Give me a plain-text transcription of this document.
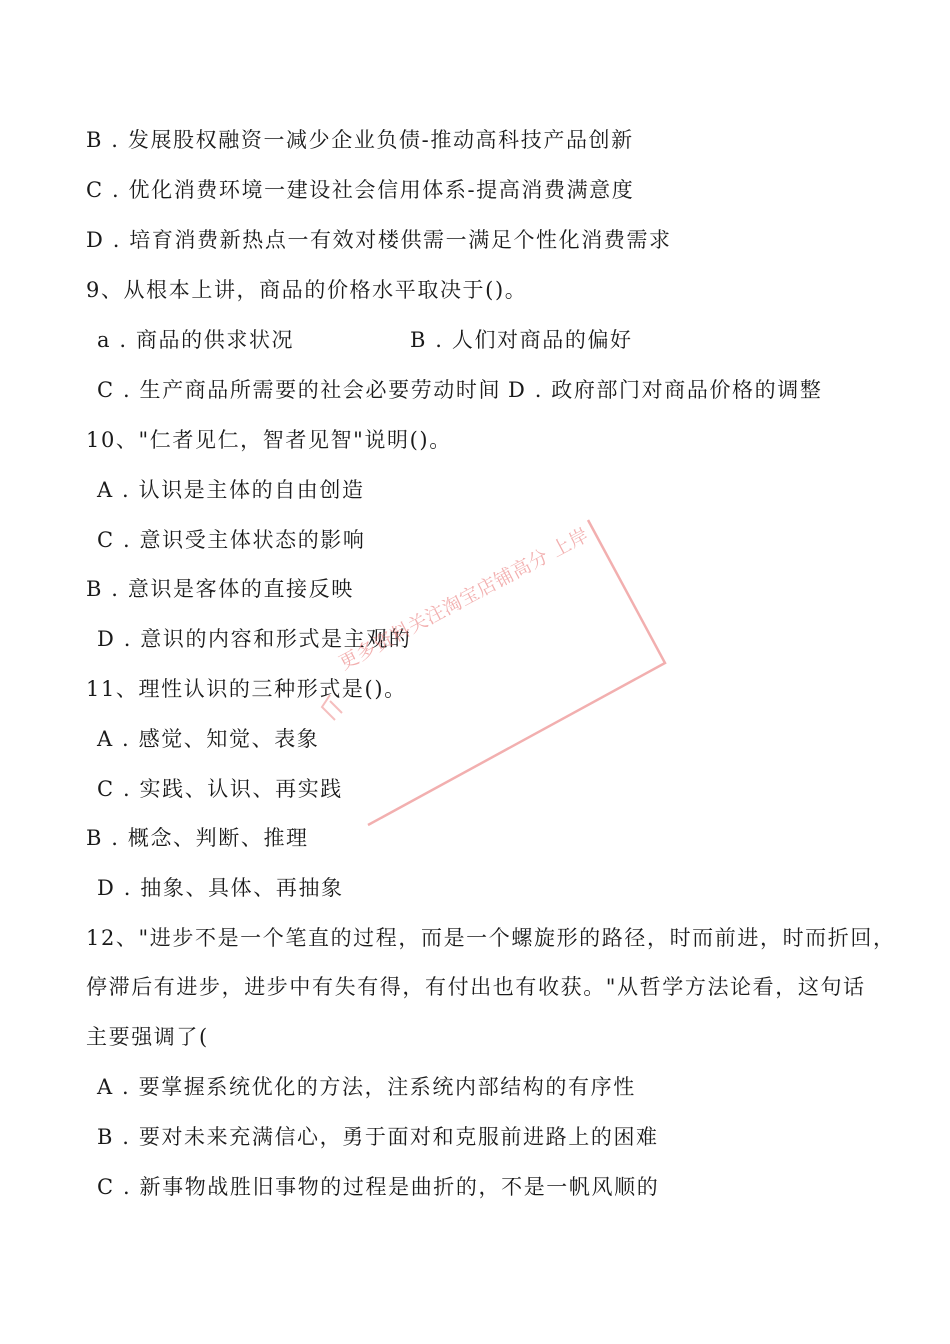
B . 发展股权融资一减少企业负债-推动高科技产品创新
C . 优化消费环境一建设社会信用体系-提高消费满意度
D . 培育消费新热点一有效对楼供需一满足个性化消费需求
9、从根本上讲，商品的价格水平取决于()。
a . 商品的供求状况	B . 人们对商品的偏好
C . 生产商品所需要的社会必要劳动时间 D . 政府部门对商品价格的调整
10、"仁者见仁，智者见智"说明()。
A . 认识是主体的自由创造
C . 意识受主体状态的影响
B . 意识是客体的直接反映
D . 意识的内容和形式是主观的
11、理性认识的三种形式是()。
A . 感觉、知觉、表象
C . 实践、认识、再实践
B . 概念、判断、推理
D . 抽象、具体、再抽象
12、"进步不是一个笔直的过程，而是一个螺旋形的路径，时而前进，时而折回，
停滞后有进步，进步中有失有得，有付出也有收获。"从哲学方法论看，这句话
主要强调了(
A . 要掌握系统优化的方法，注系统内部结构的有序性
B . 要对未来充满信心，勇于面对和克服前进路上的困难
C . 新事物战胜旧事物的过程是曲折的，不是一帆风顺的
更多资料关注淘宝店铺高分 上岸
